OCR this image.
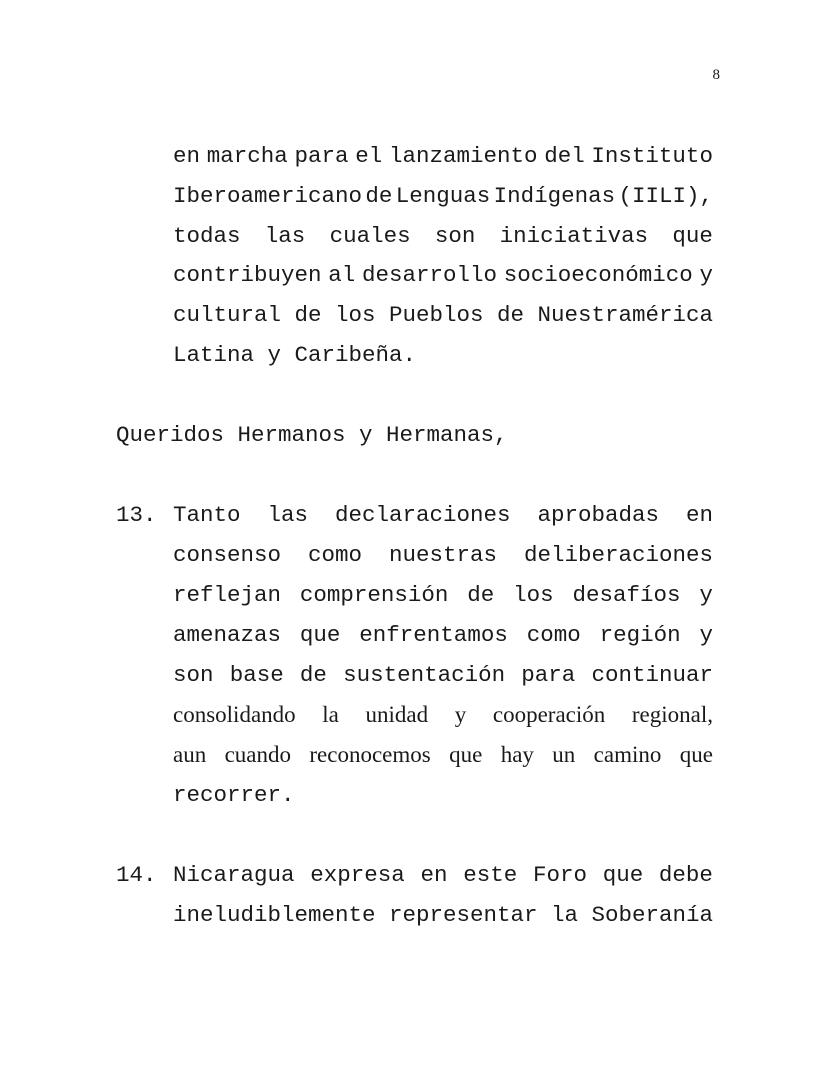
8
en marcha para el lanzamiento del Instituto
Iberoamericano de Lenguas Indígenas (IILI),
todas las cuales son iniciativas que
contribuyen al desarrollo socioeconómico y
cultural de los Pueblos de Nuestramérica
Latina y Caribeña.
Queridos Hermanos y Hermanas,
13. Tanto las declaraciones aprobadas en
consenso como nuestras deliberaciones
reflejan comprensión de los desafíos y
amenazas que enfrentamos como región y
son base de sustentación para continuar
consolidando la unidad y cooperación regional,
aun cuando reconocemos que hay un camino que
recorrer.
14. Nicaragua expresa en este Foro que debe
ineludiblemente representar la Soberanía
